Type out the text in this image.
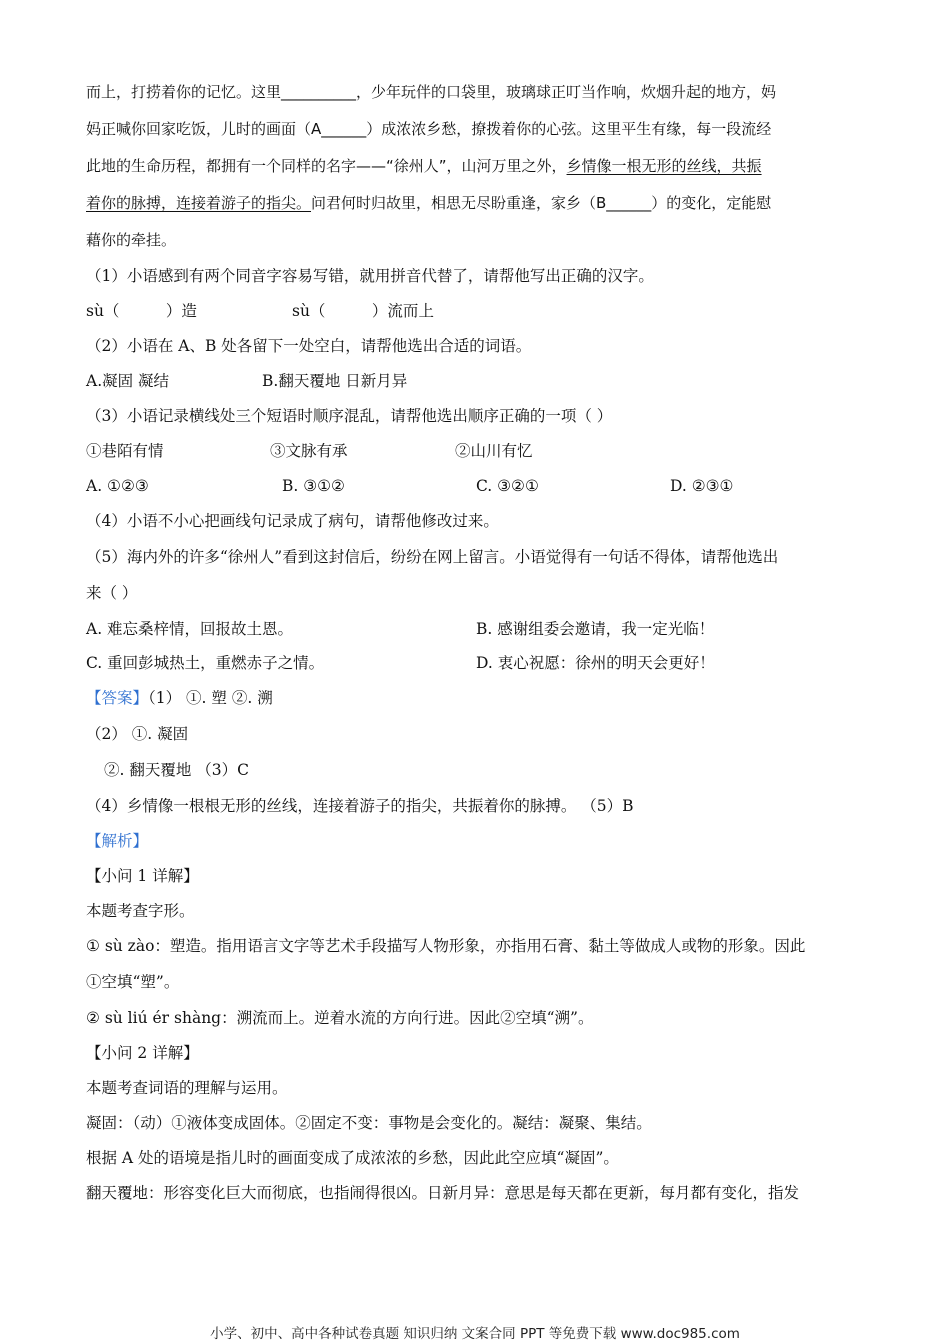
而上，打捞着你的记忆。这里__________，少年玩伴的口袋里，玻璃球正叮当作响，炊烟升起的地方，妈
妈正喊你回家吃饭，儿时的画面（A______）成浓浓乡愁，撩拨着你的心弦。这里平生有缘，每一段流经
此地的生命历程，都拥有一个同样的名字——“徐州人”，山河万里之外，乡情像一根无形的丝线，共振
着你的脉搏，连接着游子的指尖。问君何时归故里，相思无尽盼重逢，家乡（B______）的变化，定能慰
藉你的牵挂。
（1）小语感到有两个同音字容易写错，就用拼音代替了，请帮他写出正确的汉字。
sù（　　　）造	sù（　　　）流而上
（2）小语在 A、B 处各留下一处空白，请帮他选出合适的词语。
A.凝固 凝结	B.翻天覆地 日新月异
（3）小语记录横线处三个短语时顺序混乱，请帮他选出顺序正确的一项（ ）
①巷陌有情	③文脉有承	②山川有忆
A. ①②③	B. ③①②	C. ③②①	D. ②③①
（4）小语不小心把画线句记录成了病句，请帮他修改过来。
（5）海内外的许多“徐州人”看到这封信后，纷纷在网上留言。小语觉得有一句话不得体，请帮他选出
来（ ）
A. 难忘桑梓情，回报故土恩。	B. 感谢组委会邀请，我一定光临！
C. 重回彭城热土，重燃赤子之情。	D. 衷心祝愿：徐州的明天会更好！
【答案】（1） ①. 塑 ②. 溯
（2） ①. 凝固
②. 翻天覆地 （3）C
（4）乡情像一根根无形的丝线，连接着游子的指尖，共振着你的脉搏。 （5）B
【解析】
【小问 1 详解】
本题考查字形。
① sù zào：塑造。指用语言文字等艺术手段描写人物形象，亦指用石膏、黏土等做成人或物的形象。因此
①空填“塑”。
② sù liú ér shàng：溯流而上。逆着水流的方向行进。因此②空填“溯”。
【小问 2 详解】
本题考查词语的理解与运用。
凝固：（动）①液体变成固体。②固定不变：事物是会变化的。凝结：凝聚、集结。
根据 A 处的语境是指儿时的画面变成了成浓浓的乡愁，因此此空应填“凝固”。
翻天覆地：形容变化巨大而彻底，也指闹得很凶。日新月异：意思是每天都在更新，每月都有变化，指发
小学、初中、高中各种试卷真题 知识归纳 文案合同 PPT 等免费下载 www.doc985.com
